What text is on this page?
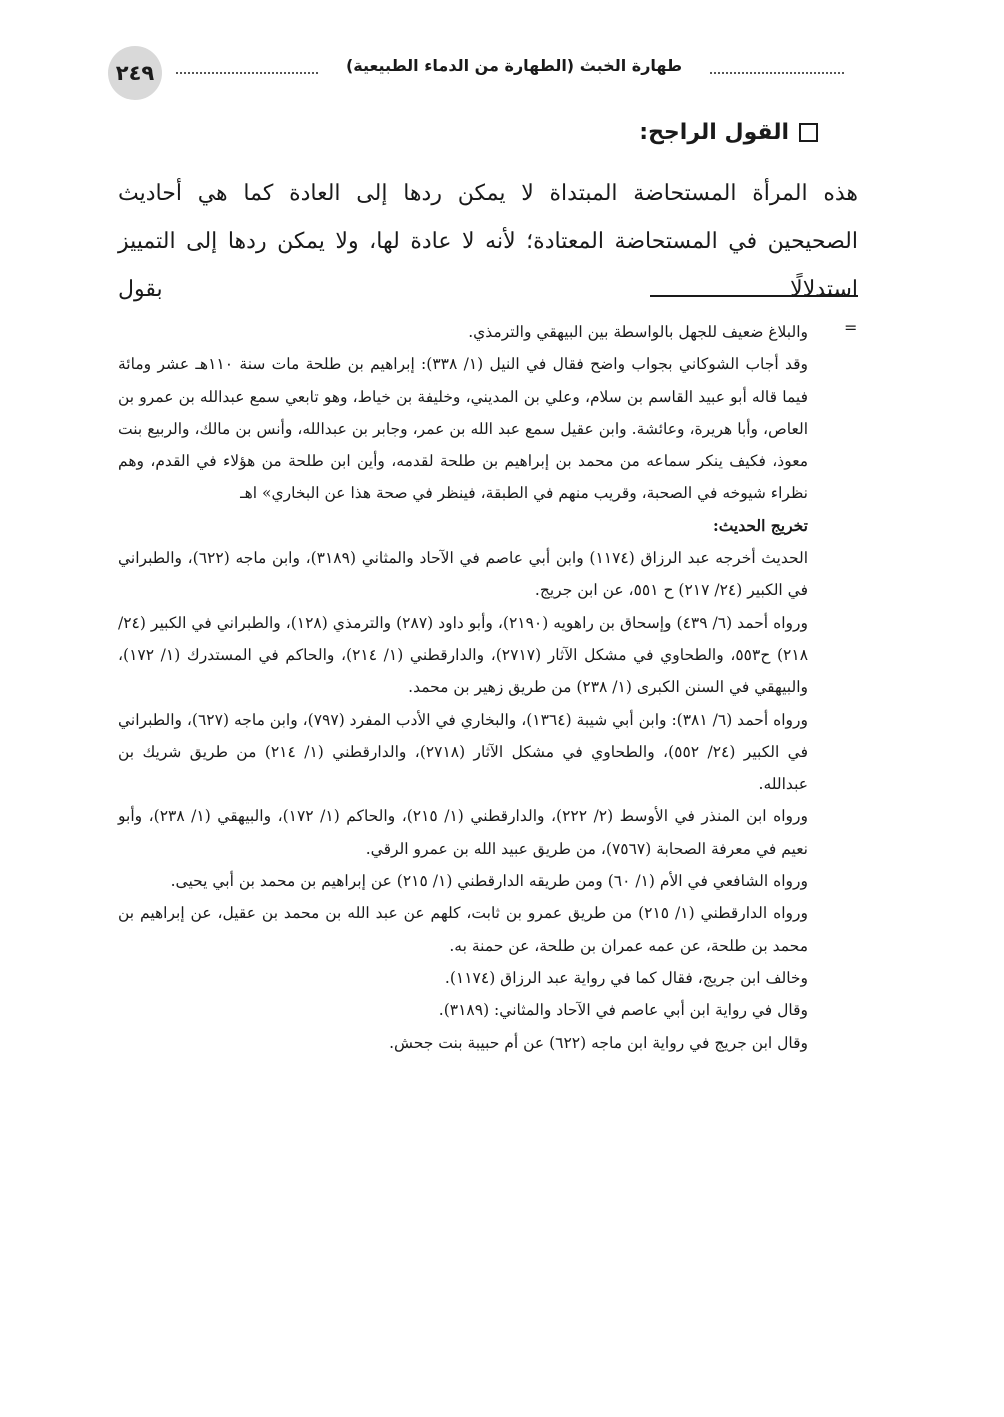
٢٤٩	طهارة الخبث (الطهارة من الدماء الطبيعية)
القول الراجح:

هذه المرأة المستحاضة المبتداة لا يمكن ردها إلى العادة كما هي أحاديث الصحيحين في المستحاضة المعتادة؛ لأنه لا عادة لها، ولا يمكن ردها إلى التمييز استدلالًا بقول

=

والبلاغ ضعيف للجهل بالواسطة بين البيهقي والترمذي.

وقد أجاب الشوكاني بجواب واضح فقال في النيل (١/ ٣٣٨): إبراهيم بن طلحة مات سنة ١١٠هـ عشر ومائة فيما قاله أبو عبيد القاسم بن سلام، وعلي بن المديني، وخليفة بن خياط، وهو تابعي سمع عبدالله بن عمرو بن العاص، وأبا هريرة، وعائشة. وابن عقيل سمع عبد الله بن عمر، وجابر بن عبدالله، وأنس بن مالك، والربيع بنت معوذ، فكيف ينكر سماعه من محمد بن إبراهيم بن طلحة لقدمه، وأين ابن طلحة من هؤلاء في القدم، وهم نظراء شيوخه في الصحبة، وقريب منهم في الطبقة، فينظر في صحة هذا عن البخاري» اهـ

تخريج الحديث:

الحديث أخرجه عبد الرزاق (١١٧٤) وابن أبي عاصم في الآحاد والمثاني (٣١٨٩)، وابن ماجه (٦٢٢)، والطبراني في الكبير (٢٤/ ٢١٧) ح ٥٥١، عن ابن جريج.

ورواه أحمد (٦/ ٤٣٩) وإسحاق بن راهويه (٢١٩٠)، وأبو داود (٢٨٧) والترمذي (١٢٨)، والطبراني في الكبير (٢٤/ ٢١٨) ح٥٥٣، والطحاوي في مشكل الآثار (٢٧١٧)، والدارقطني (١/ ٢١٤)، والحاكم في المستدرك (١/ ١٧٢)، والبيهقي في السنن الكبرى (١/ ٢٣٨) من طريق زهير بن محمد.

ورواه أحمد (٦/ ٣٨١): وابن أبي شيبة (١٣٦٤)، والبخاري في الأدب المفرد (٧٩٧)، وابن ماجه (٦٢٧)، والطبراني في الكبير (٢٤/ ٥٥٢)، والطحاوي في مشكل الآثار (٢٧١٨)، والدارقطني (١/ ٢١٤) من طريق شريك بن عبدالله.

ورواه ابن المنذر في الأوسط (٢/ ٢٢٢)، والدارقطني (١/ ٢١٥)، والحاكم (١/ ١٧٢)، والبيهقي (١/ ٢٣٨)، وأبو نعيم في معرفة الصحابة (٧٥٦٧)، من طريق عبيد الله بن عمرو الرقي.

ورواه الشافعي في الأم (١/ ٦٠) ومن طريقه الدارقطني (١/ ٢١٥) عن إبراهيم بن محمد بن أبي يحيى.

ورواه الدارقطني (١/ ٢١٥) من طريق عمرو بن ثابت، كلهم عن عبد الله بن محمد بن عقيل، عن إبراهيم بن محمد بن طلحة، عن عمه عمران بن طلحة، عن حمنة به.

وخالف ابن جريج، فقال كما في رواية عبد الرزاق (١١٧٤).

وقال في رواية ابن أبي عاصم في الآحاد والمثاني: (٣١٨٩).

وقال ابن جريج في رواية ابن ماجه (٦٢٢) عن أم حبيبة بنت جحش.
